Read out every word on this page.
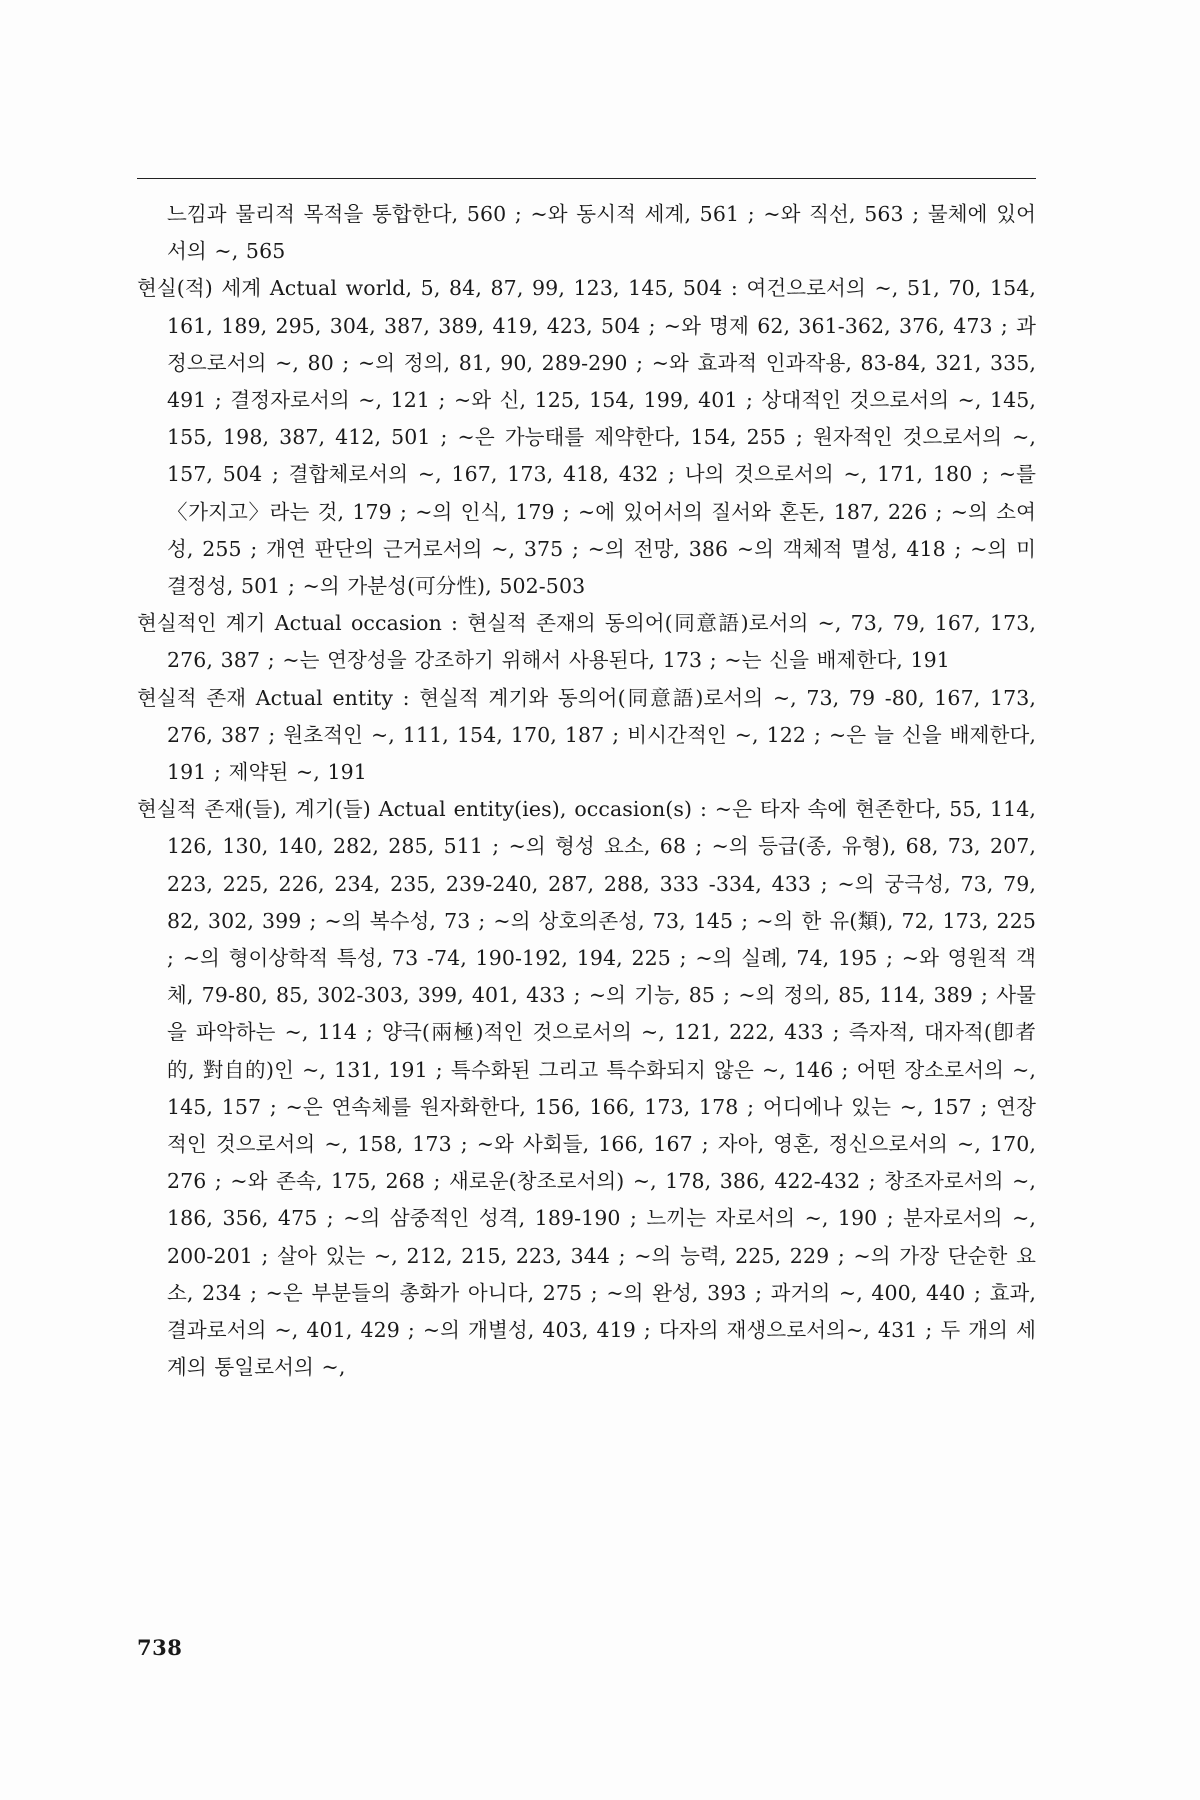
느낌과 물리적 목적을 통합한다, 560 ; ~와 동시적 세계, 561 ; ~와 직선, 563 ; 물체에 있어서의 ~, 565

현실(적) 세계 Actual world, 5, 84, 87, 99, 123, 145, 504 : 여건으로서의 ~, 51, 70, 154, 161, 189, 295, 304, 387, 389, 419, 423, 504 ; ~와 명제 62, 361-362, 376, 473 ; 과정으로서의 ~, 80 ; ~의 정의, 81, 90, 289-290 ; ~와 효과적 인과작용, 83-84, 321, 335, 491 ; 결정자로서의 ~, 121 ; ~와 신, 125, 154, 199, 401 ; 상대적인 것으로서의 ~, 145, 155, 198, 387, 412, 501 ; ~은 가능태를 제약한다, 154, 255 ; 원자적인 것으로서의 ~, 157, 504 ; 결합체로서의 ~, 167, 173, 418, 432 ; 나의 것으로서의 ~, 171, 180 ; ~를 〈가지고〉라는 것, 179 ; ~의 인식, 179 ; ~에 있어서의 질서와 혼돈, 187, 226 ; ~의 소여성, 255 ; 개연 판단의 근거로서의 ~, 375 ; ~의 전망, 386 ~의 객체적 멸성, 418 ; ~의 미결정성, 501 ; ~의 가분성(可分性), 502-503

현실적인 계기 Actual occasion : 현실적 존재의 동의어(同意語)로서의 ~, 73, 79, 167, 173, 276, 387 ; ~는 연장성을 강조하기 위해서 사용된다, 173 ; ~는 신을 배제한다, 191

현실적 존재 Actual entity : 현실적 계기와 동의어(同意語)로서의 ~, 73, 79 -80, 167, 173, 276, 387 ; 원초적인 ~, 111, 154, 170, 187 ; 비시간적인 ~, 122 ; ~은 늘 신을 배제한다, 191 ; 제약된 ~, 191

현실적 존재(들), 계기(들) Actual entity(ies), occasion(s) : ~은 타자 속에 현존한다, 55, 114, 126, 130, 140, 282, 285, 511 ; ~의 형성 요소, 68 ; ~의 등급(종, 유형), 68, 73, 207, 223, 225, 226, 234, 235, 239-240, 287, 288, 333 -334, 433 ; ~의 궁극성, 73, 79, 82, 302, 399 ; ~의 복수성, 73 ; ~의 상호의존성, 73, 145 ; ~의 한 유(類), 72, 173, 225 ; ~의 형이상학적 특성, 73 -74, 190-192, 194, 225 ; ~의 실례, 74, 195 ; ~와 영원적 객체, 79-80, 85, 302-303, 399, 401, 433 ; ~의 기능, 85 ; ~의 정의, 85, 114, 389 ; 사물을 파악하는 ~, 114 ; 양극(兩極)적인 것으로서의 ~, 121, 222, 433 ; 즉자적, 대자적(卽者的, 對自的)인 ~, 131, 191 ; 특수화된 그리고 특수화되지 않은 ~, 146 ; 어떤 장소로서의 ~, 145, 157 ; ~은 연속체를 원자화한다, 156, 166, 173, 178 ; 어디에나 있는 ~, 157 ; 연장적인 것으로서의 ~, 158, 173 ; ~와 사회들, 166, 167 ; 자아, 영혼, 정신으로서의 ~, 170, 276 ; ~와 존속, 175, 268 ; 새로운(창조로서의) ~, 178, 386, 422-432 ; 창조자로서의 ~, 186, 356, 475 ; ~의 삼중적인 성격, 189-190 ; 느끼는 자로서의 ~, 190 ; 분자로서의 ~, 200-201 ; 살아 있는 ~, 212, 215, 223, 344 ; ~의 능력, 225, 229 ; ~의 가장 단순한 요소, 234 ; ~은 부분들의 총화가 아니다, 275 ; ~의 완성, 393 ; 과거의 ~, 400, 440 ; 효과, 결과로서의 ~, 401, 429 ; ~의 개별성, 403, 419 ; 다자의 재생으로서의~, 431 ; 두 개의 세계의 통일로서의 ~,

738
